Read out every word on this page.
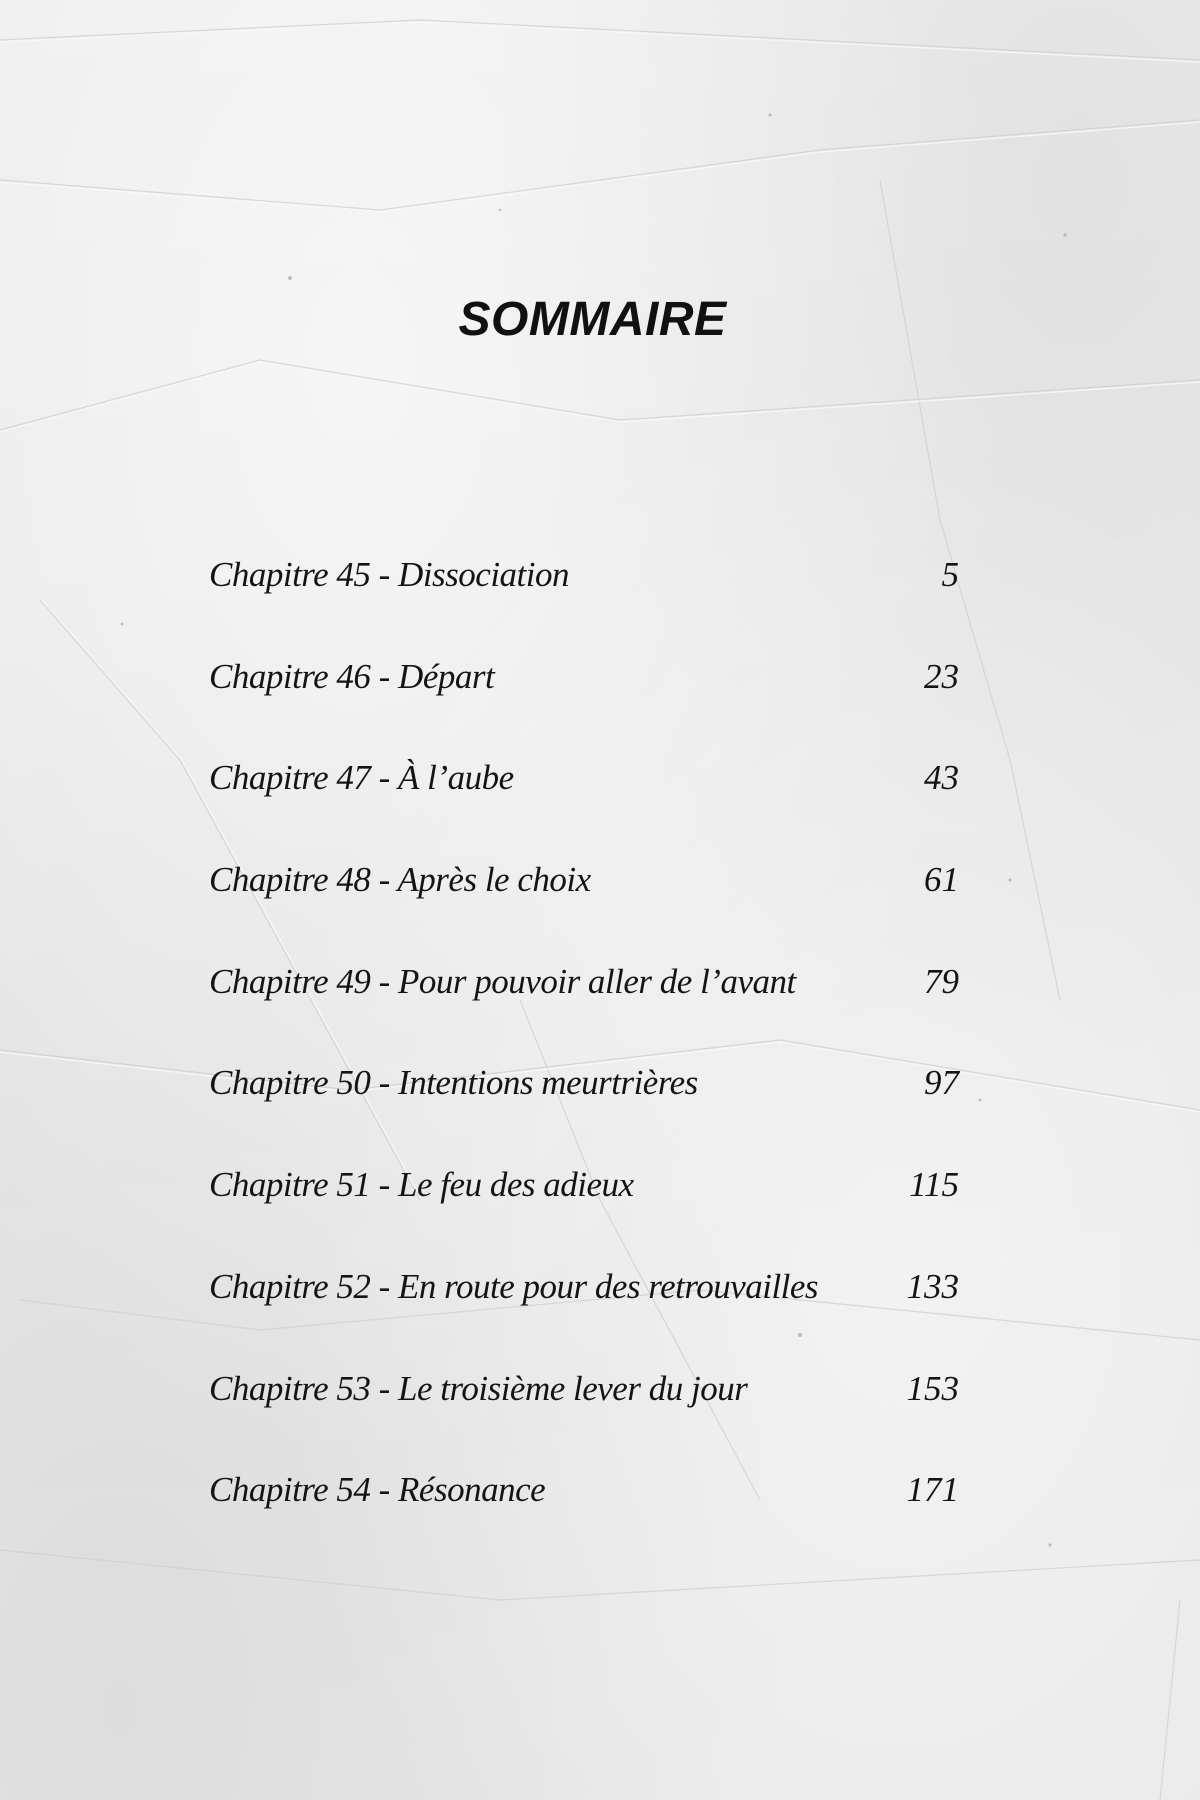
SOMMAIRE
Chapitre 45 - Dissociation	5
Chapitre 46 - Départ	23
Chapitre 47 - À l’aube	43
Chapitre 48 - Après le choix	61
Chapitre 49 - Pour pouvoir aller de l’avant	79
Chapitre 50 - Intentions meurtrières	97
Chapitre 51 - Le feu des adieux	115
Chapitre 52 - En route pour des retrouvailles	133
Chapitre 53 - Le troisième lever du jour	153
Chapitre 54 - Résonance	171
